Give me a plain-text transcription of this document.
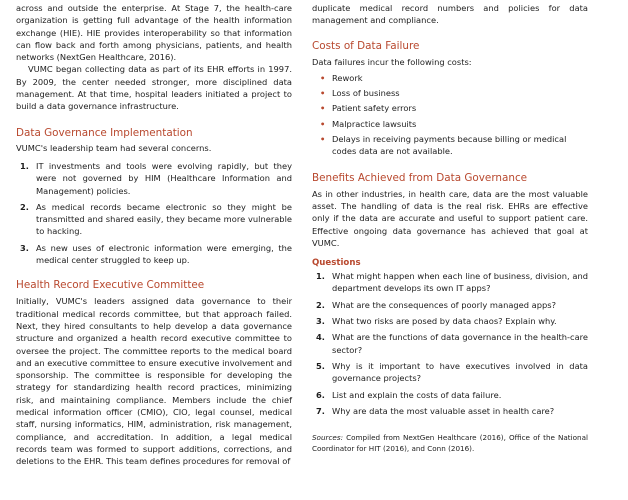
across and outside the enterprise. At Stage 7, the health-care organization is getting full advantage of the health information exchange (HIE). HIE provides interoperability so that information can flow back and forth among physicians, patients, and health networks (NextGen Healthcare, 2016).

VUMC began collecting data as part of its EHR efforts in 1997. By 2009, the center needed stronger, more disciplined data management. At that time, hospital leaders initiated a project to build a data governance infrastructure.

Data Governance Implementation

VUMC's leadership team had several concerns.

1. IT investments and tools were evolving rapidly, but they were not governed by HIM (Healthcare Information and Management) policies.
2. As medical records became electronic so they might be transmitted and shared easily, they became more vulnerable to hacking.
3. As new uses of electronic information were emerging, the medical center struggled to keep up.
Health Record Executive Committee

Initially, VUMC's leaders assigned data governance to their traditional medical records committee, but that approach failed. Next, they hired consultants to help develop a data governance structure and organized a health record executive committee to oversee the project. The committee reports to the medical board and an executive committee to ensure executive involvement and sponsorship. The committee is responsible for developing the strategy for standardizing health record practices, minimizing risk, and maintaining compliance. Members include the chief medical information officer (CMIO), CIO, legal counsel, medical staff, nursing informatics, HIM, administration, risk management, compliance, and accreditation. In addition, a legal medical records team was formed to support additions, corrections, and deletions to the EHR. This team defines procedures for removal of

duplicate medical record numbers and policies for data management and compliance.

Costs of Data Failure

Data failures incur the following costs:

• Rework
• Loss of business
• Patient safety errors
• Malpractice lawsuits
• Delays in receiving payments because billing or medical codes data are not available.
Benefits Achieved from Data Governance

As in other industries, in health care, data are the most valuable asset. The handling of data is the real risk. EHRs are effective only if the data are accurate and useful to support patient care. Effective ongoing data governance has achieved that goal at VUMC.

Questions
1. What might happen when each line of business, division, and department develops its own IT apps?
2. What are the consequences of poorly managed apps?
3. What two risks are posed by data chaos? Explain why.
4. What are the functions of data governance in the health-care sector?
5. Why is it important to have executives involved in data governance projects?
6. List and explain the costs of data failure.
7. Why are data the most valuable asset in health care?

Sources: Compiled from NextGen Healthcare (2016), Office of the National Coordinator for HIT (2016), and Conn (2016).
